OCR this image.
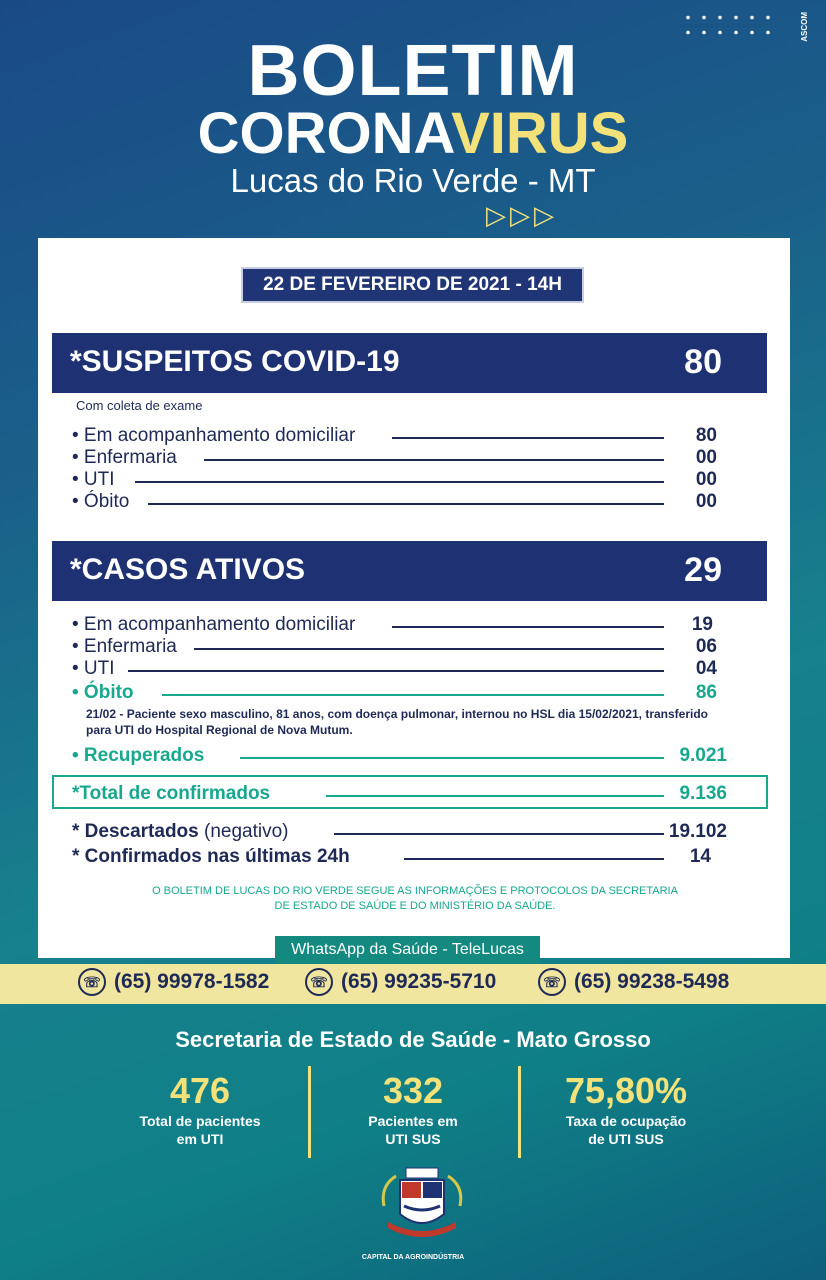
ASCOM
BOLETIM
CORONAVIRUS
Lucas do Rio Verde - MT
▷▷▷
22 DE FEVEREIRO DE 2021 - 14H
*SUSPEITOS COVID-19	80
Com coleta de exame
• Em acompanhamento domiciliar	80
• Enfermaria	00
• UTI	00
• Óbito	00
*CASOS ATIVOS	29
• Em acompanhamento domiciliar	19
• Enfermaria	06
• UTI	04
• Óbito	86
21/02 - Paciente sexo masculino, 81 anos, com doença pulmonar, internou no HSL dia 15/02/2021, transferido para UTI do Hospital Regional de Nova Mutum.
• Recuperados	9.021
*Total de confirmados	9.136
* Descartados (negativo)	19.102
* Confirmados nas últimas 24h	14
O BOLETIM DE LUCAS DO RIO VERDE SEGUE AS INFORMAÇÕES E PROTOCOLOS DA SECRETARIA DE ESTADO DE SAÚDE E DO MINISTÉRIO DA SAÚDE.
WhatsApp da Saúde - TeleLucas
☏ (65) 99978-1582	☏ (65) 99235-5710	☏ (65) 99238-5498
Secretaria de Estado de Saúde - Mato Grosso
476
Total de pacientes
em UTI
332
Pacientes em
UTI SUS
75,80%
Taxa de ocupação
de UTI SUS
CAPITAL DA AGROINDÚSTRIA
